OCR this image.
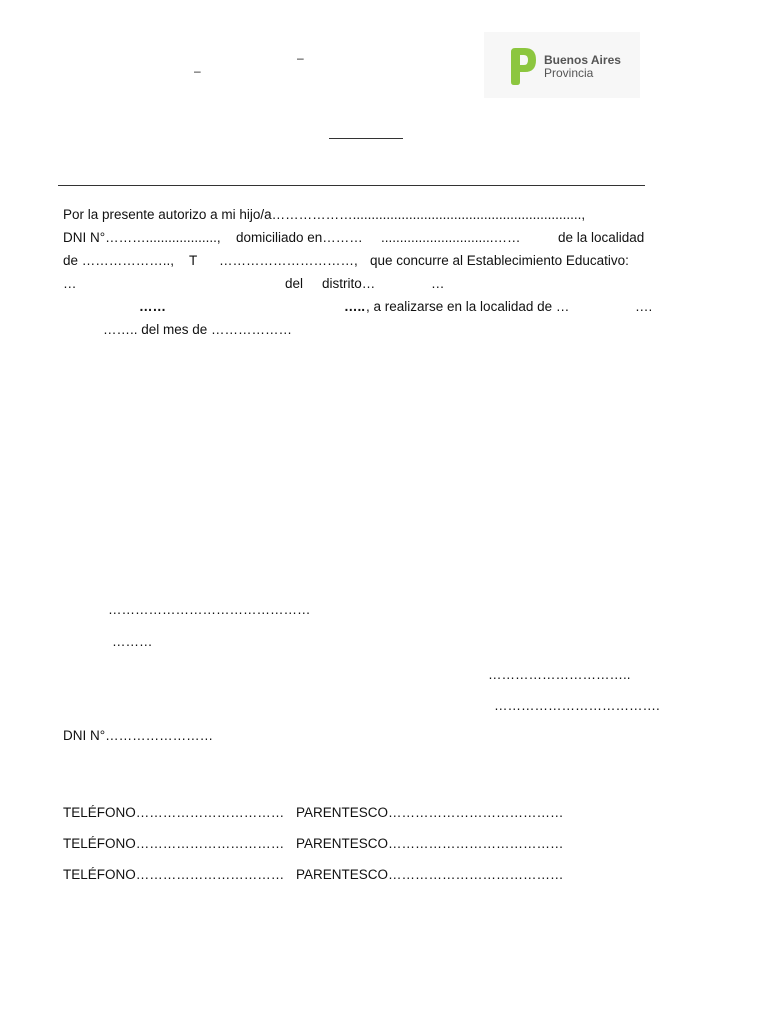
–
–
Buenos Aires
Provincia
Por la presente autorizo a mi hijo/a……………….............................................................,
DNI N°………..................., domiciliado en……… ..............................……	de la localidad
de ……………….., T …………………………, que concurre al Establecimiento Educativo:
…	del distrito…	…
……	….. , a realizarse en la localidad de …	….
…….. del mes de ………………
………………………………………
………
…………………………..
……………………………….
DNI N°……………………
TELÉFONO…………………………… PARENTESCO…………………………………
TELÉFONO…………………………… PARENTESCO…………………………………
TELÉFONO…………………………… PARENTESCO…………………………………
